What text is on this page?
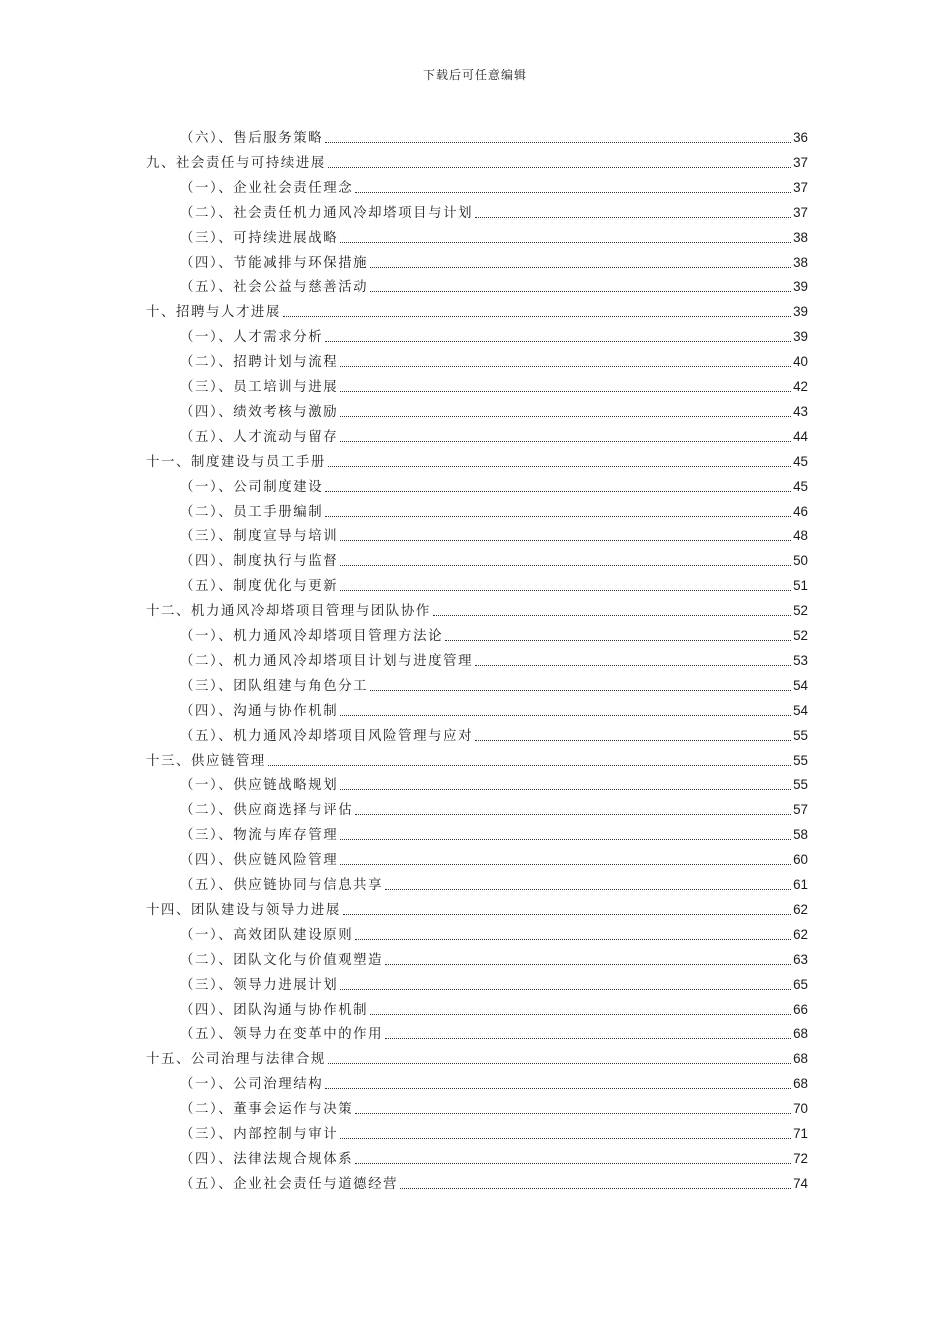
下载后可任意编辑
（六）、售后服务策略	36
九、社会责任与可持续进展	37
（一）、企业社会责任理念	37
（二）、社会责任机力通风冷却塔项目与计划	37
（三）、可持续进展战略	38
（四）、节能减排与环保措施	38
（五）、社会公益与慈善活动	39
十、招聘与人才进展	39
（一）、人才需求分析	39
（二）、招聘计划与流程	40
（三）、员工培训与进展	42
（四）、绩效考核与激励	43
（五）、人才流动与留存	44
十一、制度建设与员工手册	45
（一）、公司制度建设	45
（二）、员工手册编制	46
（三）、制度宣导与培训	48
（四）、制度执行与监督	50
（五）、制度优化与更新	51
十二、机力通风冷却塔项目管理与团队协作	52
（一）、机力通风冷却塔项目管理方法论	52
（二）、机力通风冷却塔项目计划与进度管理	53
（三）、团队组建与角色分工	54
（四）、沟通与协作机制	54
（五）、机力通风冷却塔项目风险管理与应对	55
十三、供应链管理	55
（一）、供应链战略规划	55
（二）、供应商选择与评估	57
（三）、物流与库存管理	58
（四）、供应链风险管理	60
（五）、供应链协同与信息共享	61
十四、团队建设与领导力进展	62
（一）、高效团队建设原则	62
（二）、团队文化与价值观塑造	63
（三）、领导力进展计划	65
（四）、团队沟通与协作机制	66
（五）、领导力在变革中的作用	68
十五、公司治理与法律合规	68
（一）、公司治理结构	68
（二）、董事会运作与决策	70
（三）、内部控制与审计	71
（四）、法律法规合规体系	72
（五）、企业社会责任与道德经营	74
